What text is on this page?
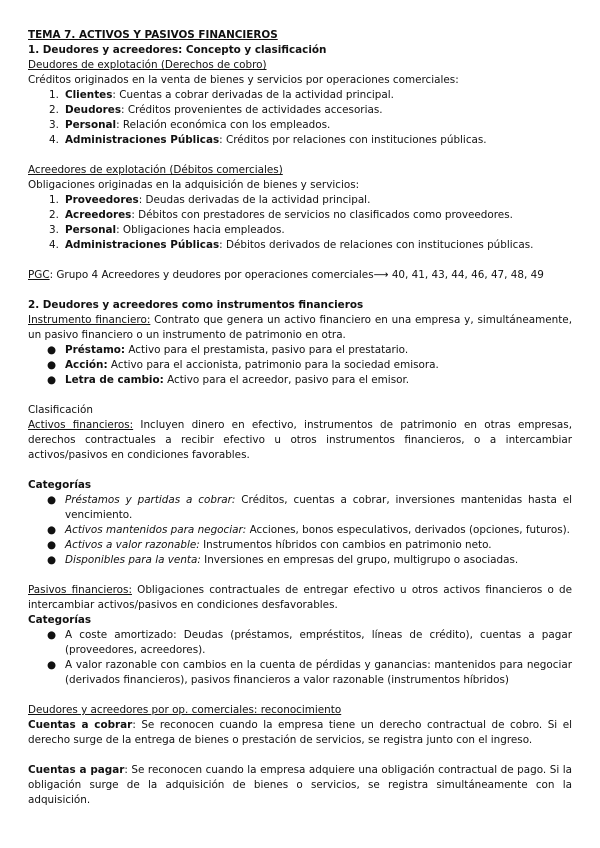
TEMA 7. ACTIVOS Y PASIVOS FINANCIEROS

1. Deudores y acreedores: Concepto y clasificación

Deudores de explotación (Derechos de cobro)

Créditos originados en la venta de bienes y servicios por operaciones comerciales:

1. Clientes: Cuentas a cobrar derivadas de la actividad principal.
2. Deudores: Créditos provenientes de actividades accesorias.
3. Personal: Relación económica con los empleados.
4. Administraciones Públicas: Créditos por relaciones con instituciones públicas.

Acreedores de explotación (Débitos comerciales)

Obligaciones originadas en la adquisición de bienes y servicios:

1. Proveedores: Deudas derivadas de la actividad principal.
2. Acreedores: Débitos con prestadores de servicios no clasificados como proveedores.
3. Personal: Obligaciones hacia empleados.
4. Administraciones Públicas: Débitos derivados de relaciones con instituciones públicas.

PGC: Grupo 4 Acreedores y deudores por operaciones comerciales⟶ 40, 41, 43, 44, 46, 47, 48, 49

2. Deudores y acreedores como instrumentos financieros

Instrumento financiero: Contrato que genera un activo financiero en una empresa y, simultáneamente, un pasivo financiero o un instrumento de patrimonio en otra.

● Préstamo: Activo para el prestamista, pasivo para el prestatario.
● Acción: Activo para el accionista, patrimonio para la sociedad emisora.
● Letra de cambio: Activo para el acreedor, pasivo para el emisor.

Clasificación

Activos financieros: Incluyen dinero en efectivo, instrumentos de patrimonio en otras empresas, derechos contractuales a recibir efectivo u otros instrumentos financieros, o a intercambiar activos/pasivos en condiciones favorables.

Categorías

● Préstamos y partidas a cobrar: Créditos, cuentas a cobrar, inversiones mantenidas hasta el vencimiento.
● Activos mantenidos para negociar: Acciones, bonos especulativos, derivados (opciones, futuros).
● Activos a valor razonable: Instrumentos híbridos con cambios en patrimonio neto.
● Disponibles para la venta: Inversiones en empresas del grupo, multigrupo o asociadas.

Pasivos financieros: Obligaciones contractuales de entregar efectivo u otros activos financieros o de intercambiar activos/pasivos en condiciones desfavorables.

Categorías

● A coste amortizado: Deudas (préstamos, empréstitos, líneas de crédito), cuentas a pagar (proveedores, acreedores).
● A valor razonable con cambios en la cuenta de pérdidas y ganancias: mantenidos para negociar (derivados financieros), pasivos financieros a valor razonable (instrumentos híbridos)

Deudores y acreedores por op. comerciales: reconocimiento

Cuentas a cobrar: Se reconocen cuando la empresa tiene un derecho contractual de cobro. Si el derecho surge de la entrega de bienes o prestación de servicios, se registra junto con el ingreso.

Cuentas a pagar: Se reconocen cuando la empresa adquiere una obligación contractual de pago. Si la obligación surge de la adquisición de bienes o servicios, se registra simultáneamente con la adquisición.
